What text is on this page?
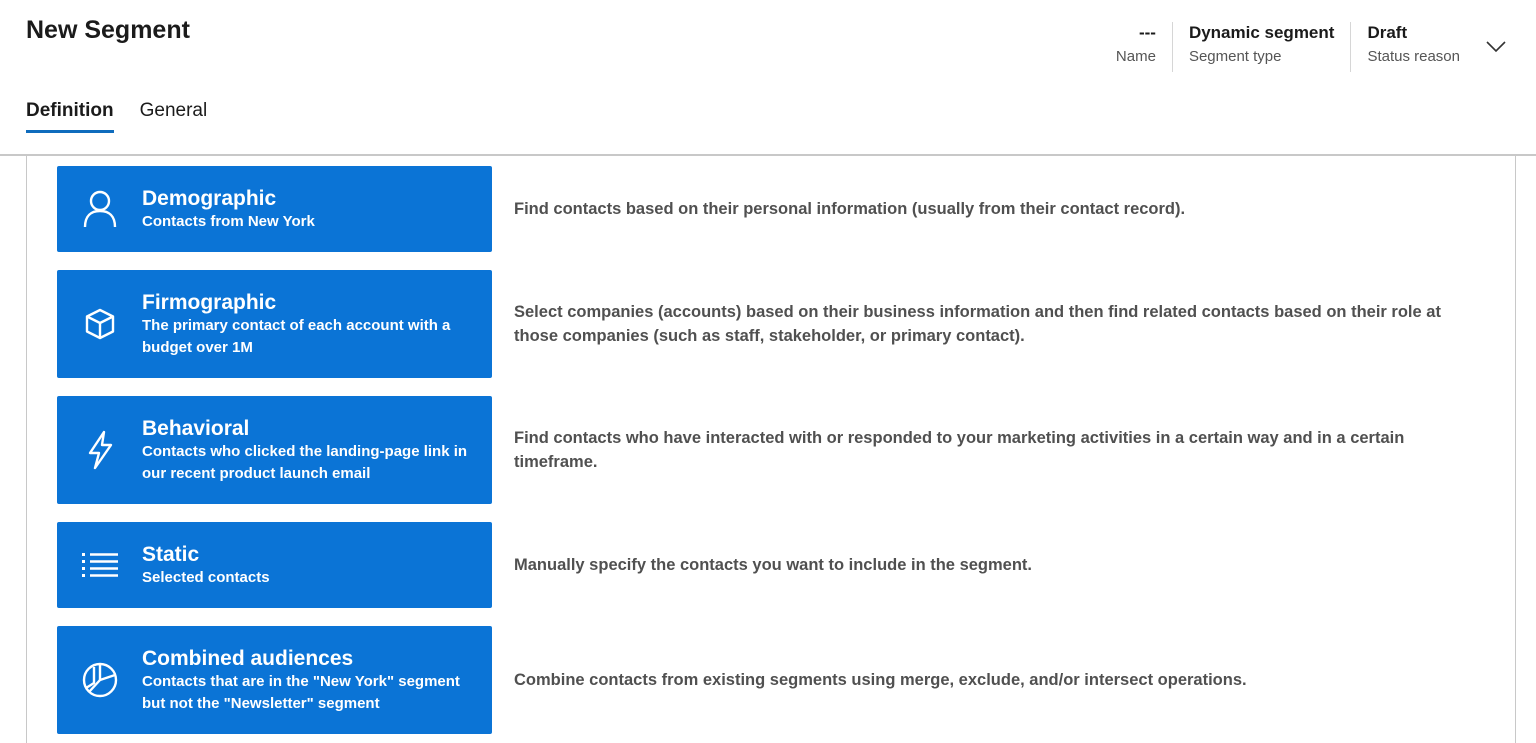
New Segment	---
Name
Dynamic segment
Segment type
Draft
Status reason
Definition General
Demographic
Contacts from New York
Find contacts based on their personal information (usually from their contact record).
Firmographic
The primary contact of each account with a budget over 1M
Select companies (accounts) based on their business information and then find related contacts based on their role at those companies (such as staff, stakeholder, or primary contact).
Behavioral
Contacts who clicked the landing-page link in our recent product launch email
Find contacts who have interacted with or responded to your marketing activities in a certain way and in a certain timeframe.
Static
Selected contacts
Manually specify the contacts you want to include in the segment.
Combined audiences
Contacts that are in the "New York" segment but not the "Newsletter" segment
Combine contacts from existing segments using merge, exclude, and/or intersect operations.
